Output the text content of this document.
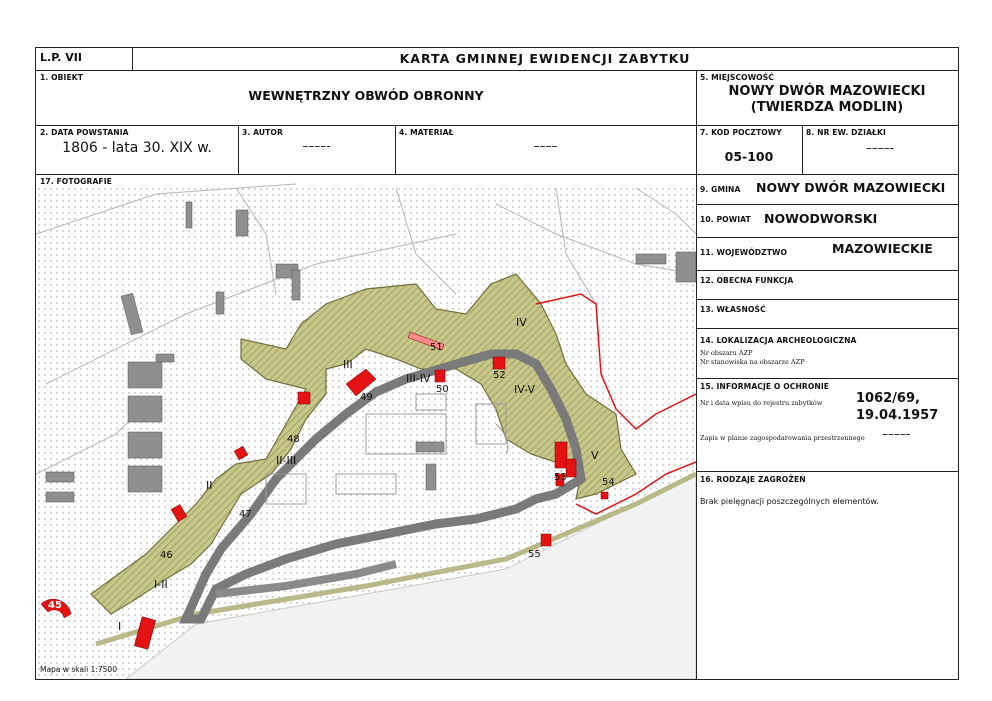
L.P. VII	KARTA GMINNEJ EWIDENCJI ZABYTKU
1. OBIEKT
WEWNĘTRZNY OBWÓD OBRONNY
5. MIEJSCOWOŚĆ
NOWY DWÓR MAZOWIECKI
(TWIERDZA MODLIN)
2. DATA POWSTANIA
1806 - lata 30. XIX w.
3. AUTOR
––––-
4. MATERIAŁ
––––
7. KOD POCZTOWY
05-100
8. NR EW. DZIAŁKI
––––-
9. GMINA NOWY DWÓR MAZOWIECKI
10. POWIAT NOWODWORSKI
11. WOJEWÓDZTWO	MAZOWIECKIE
12. OBECNA FUNKCJA
13. WŁASNOŚĆ
14. LOKALIZACJA ARCHEOLOGICZNA
Nr obszaru AZP
Nr stanowiska na obszarze AZP
15. INFORMACJE O OCHRONIE
Nr i data wpisu do rejestru zabytków	1062/69,
19.04.1957
Zapis w planie zagospodarowania przestrzennego ––––-
16. RODZAJE ZAGROŻEŃ
Brak pielęgnacji poszczególnych elementów.
17. FOTOGRAFIE
I
I-II
II
II-III
III
III-IV
IV
IV-V
V
45
46
47
48
49
50
51
52
53	54
55
Mapa w skali 1:7500
